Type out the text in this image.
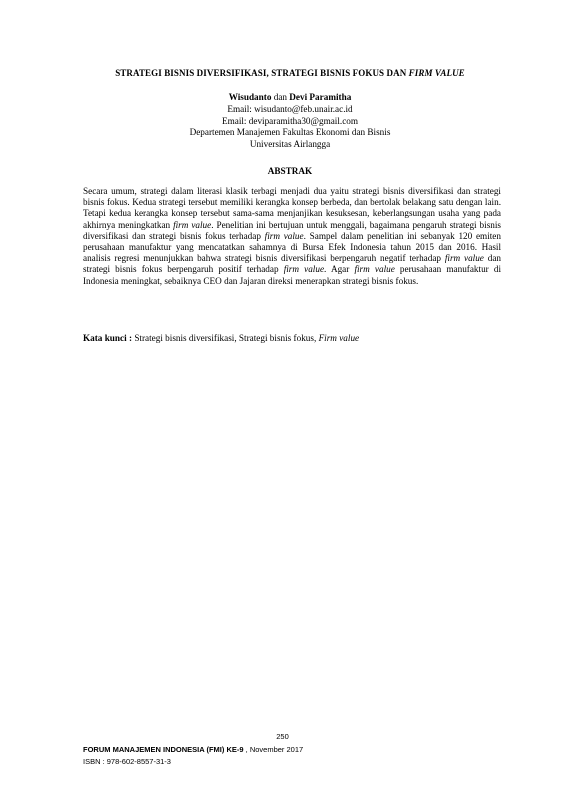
STRATEGI BISNIS DIVERSIFIKASI, STRATEGI BISNIS FOKUS DAN FIRM VALUE
Wisudanto dan Devi Paramitha
Email: wisudanto@feb.unair.ac.id
Email: deviparamitha30@gmail.com
Departemen Manajemen Fakultas Ekonomi dan Bisnis
Universitas Airlangga
ABSTRAK
Secara umum, strategi dalam literasi klasik terbagi menjadi dua yaitu strategi bisnis diversifikasi dan strategi bisnis fokus. Kedua strategi tersebut memiliki kerangka konsep berbeda, dan bertolak belakang satu dengan lain. Tetapi kedua kerangka konsep tersebut sama-sama menjanjikan kesuksesan, keberlangsungan usaha yang pada akhirnya meningkatkan firm value. Penelitian ini bertujuan untuk menggali, bagaimana pengaruh strategi bisnis diversifikasi dan strategi bisnis fokus terhadap firm value. Sampel dalam penelitian ini sebanyak 120 emiten perusahaan manufaktur yang mencatatkan sahamnya di Bursa Efek Indonesia tahun 2015 dan 2016. Hasil analisis regresi menunjukkan bahwa strategi bisnis diversifikasi berpengaruh negatif terhadap firm value dan strategi bisnis fokus berpengaruh positif terhadap firm value. Agar firm value perusahaan manufaktur di Indonesia meningkat, sebaiknya CEO dan Jajaran direksi menerapkan strategi bisnis fokus.
Kata kunci : Strategi bisnis diversifikasi, Strategi bisnis fokus, Firm value
250
FORUM MANAJEMEN INDONESIA (FMI) KE-9 , November 2017
ISBN : 978-602-8557-31-3
